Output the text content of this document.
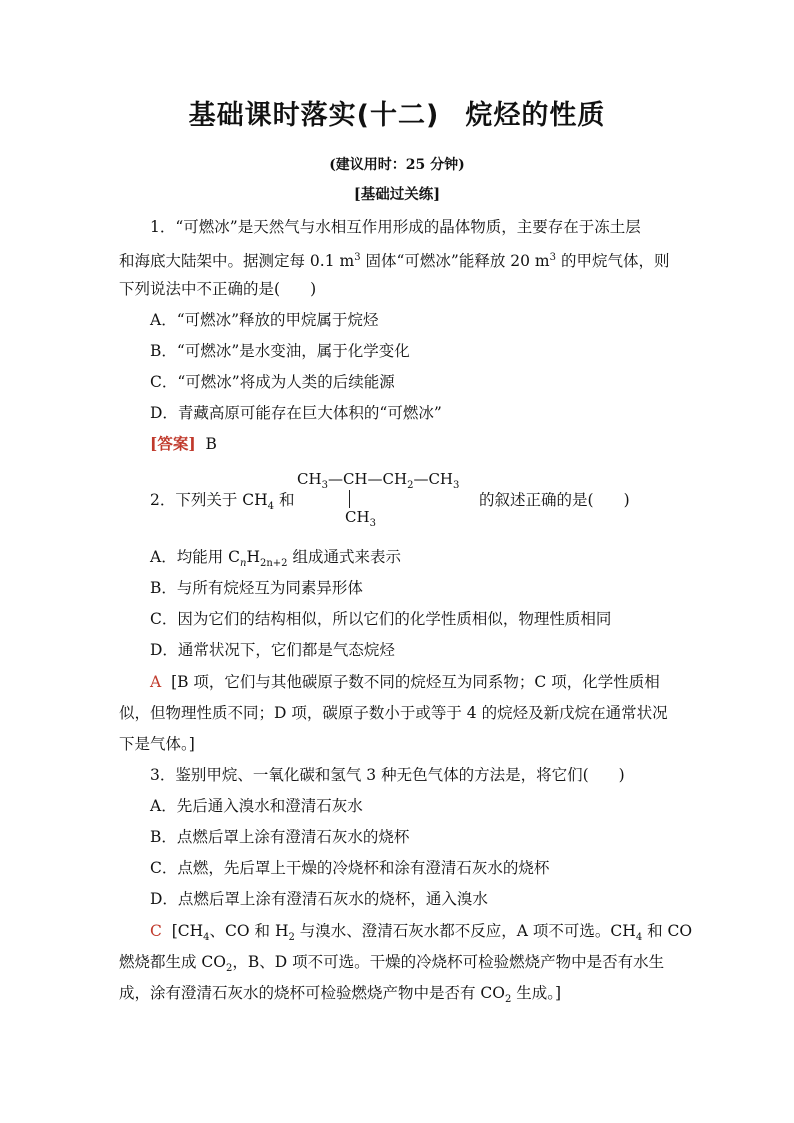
基础课时落实(十二) 烷烃的性质
(建议用时：25 分钟)
[基础过关练]
1．“可燃冰”是天然气与水相互作用形成的晶体物质，主要存在于冻土层
和海底大陆架中。据测定每 0.1 $m^3$ 固体“可燃冰”能释放 20 $m^3$ 的甲烷气体，则
下列说法中不正确的是( )
A．“可燃冰”释放的甲烷属于烷烃
B．“可燃冰”是水变油，属于化学变化
C．“可燃冰”将成为人类的后续能源
D．青藏高原可能存在巨大体积的“可燃冰”
[答案] B
2．下列关于 $CH_4$ 和
$CH_3—CH—CH_2—CH_3$
$CH_3$
的叙述正确的是( )
A．均能用 $C_nH_{2n+2}$ 组成通式来表示
B．与所有烷烃互为同素异形体
C．因为它们的结构相似，所以它们的化学性质相似，物理性质相同
D．通常状况下，它们都是气态烷烃
A [B 项，它们与其他碳原子数不同的烷烃互为同系物；C 项，化学性质相
似，但物理性质不同；D 项，碳原子数小于或等于 4 的烷烃及新戊烷在通常状况
下是气体。]
3．鉴别甲烷、一氧化碳和氢气 3 种无色气体的方法是，将它们( )
A．先后通入溴水和澄清石灰水
B．点燃后罩上涂有澄清石灰水的烧杯
C．点燃，先后罩上干燥的冷烧杯和涂有澄清石灰水的烧杯
D．点燃后罩上涂有澄清石灰水的烧杯，通入溴水
C [$CH_4$、CO 和 $H_2$ 与溴水、澄清石灰水都不反应，A 项不可选。$CH_4$ 和 CO
燃烧都生成 $CO_2$，B、D 项不可选。干燥的冷烧杯可检验燃烧产物中是否有水生
成，涂有澄清石灰水的烧杯可检验燃烧产物中是否有 $CO_2$ 生成。]
